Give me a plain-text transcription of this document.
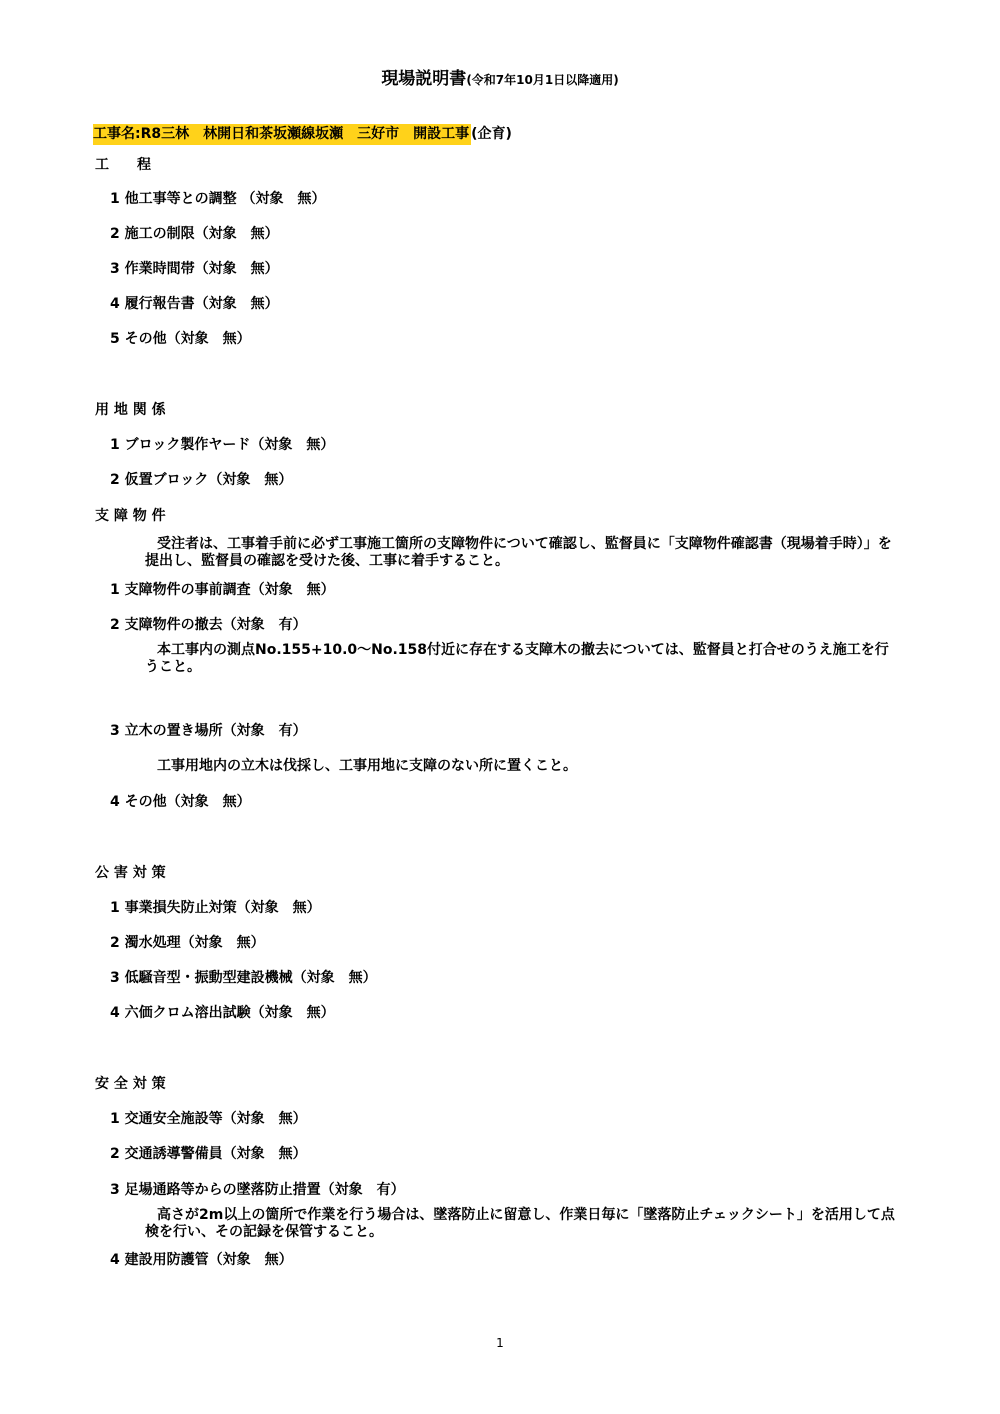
現場説明書(令和7年10月1日以降適用)
工事名:R8三林　林開日和茶坂瀬線坂瀬　三好市　開設工事 (企育)
工　　程
1 他工事等との調整 （対象　無）
2 施工の制限（対象　無）
3 作業時間帯（対象　無）
4 履行報告書（対象　無）
5 その他（対象　無）
用 地 関 係
1 ブロック製作ヤード（対象　無）
2 仮置ブロック（対象　無）
支 障 物 件
受注者は、工事着手前に必ず工事施工箇所の支障物件について確認し、監督員に「支障物件確認書（現場着手時）」を提出し、監督員の確認を受けた後、工事に着手すること。
1 支障物件の事前調査（対象　無）
2 支障物件の撤去（対象　有）
本工事内の測点No.155+10.0～No.158付近に存在する支障木の撤去については、監督員と打合せのうえ施工を行うこと。
3 立木の置き場所（対象　有）
工事用地内の立木は伐採し、工事用地に支障のない所に置くこと。
4 その他（対象　無）
公 害 対 策
1 事業損失防止対策（対象　無）
2 濁水処理（対象　無）
3 低騒音型・振動型建設機械（対象　無）
4 六価クロム溶出試験（対象　無）
安 全 対 策
1 交通安全施設等（対象　無）
2 交通誘導警備員（対象　無）
3 足場通路等からの墜落防止措置（対象　有）
高さが2m以上の箇所で作業を行う場合は、墜落防止に留意し、作業日毎に「墜落防止チェックシート」を活用して点検を行い、その記録を保管すること。
4 建設用防護管（対象　無）
1
